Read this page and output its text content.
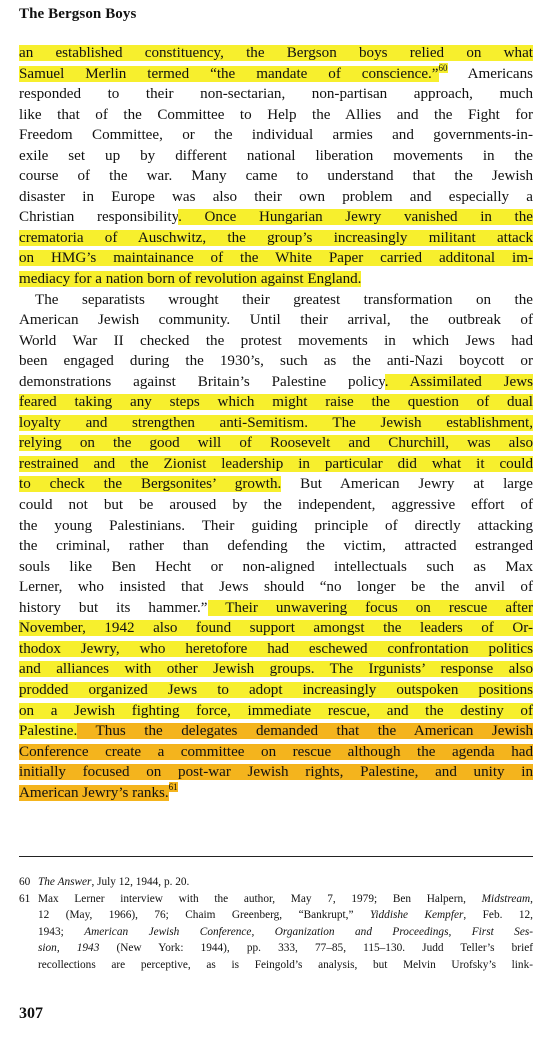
The Bergson Boys
an established constituency, the Bergson boys relied on what
Samuel Merlin termed “the mandate of conscience.”$^{60}$ Americans
responded to their non-sectarian, non-partisan approach, much
like that of the Committee to Help the Allies and the Fight for
Freedom Committee, or the individual armies and governments-in-
exile set up by different national liberation movements in the
course of the war. Many came to understand that the Jewish
disaster in Europe was also their own problem and especially a
Christian responsibility. Once Hungarian Jewry vanished in the
crematoria of Auschwitz, the group’s increasingly militant attack
on HMG’s maintainance of the White Paper carried additonal im-
mediacy for a nation born of revolution against England.
The separatists wrought their greatest transformation on the
American Jewish community. Until their arrival, the outbreak of
World War II checked the protest movements in which Jews had
been engaged during the 1930’s, such as the anti-Nazi boycott or
demonstrations against Britain’s Palestine policy. Assimilated Jews
feared taking any steps which might raise the question of dual
loyalty and strengthen anti-Semitism. The Jewish establishment,
relying on the good will of Roosevelt and Churchill, was also
restrained and the Zionist leadership in particular did what it could
to check the Bergsonites’ growth. But American Jewry at large
could not but be aroused by the independent, aggressive effort of
the young Palestinians. Their guiding principle of directly attacking
the criminal, rather than defending the victim, attracted estranged
souls like Ben Hecht or non-aligned intellectuals such as Max
Lerner, who insisted that Jews should “no longer be the anvil of
history but its hammer.” Their unwavering focus on rescue after
November, 1942 also found support amongst the leaders of Or-
thodox Jewry, who heretofore had eschewed confrontation politics
and alliances with other Jewish groups. The Irgunists’ response also
prodded organized Jews to adopt increasingly outspoken positions
on a Jewish fighting force, immediate rescue, and the destiny of
Palestine. Thus the delegates demanded that the American Jewish
Conference create a committee on rescue although the agenda had
initially focused on post-war Jewish rights, Palestine, and unity in
American Jewry’s ranks.$^{61}$
60 The Answer, July 12, 1944, p. 20.
61 Max Lerner interview with the author, May 7, 1979; Ben Halpern, Midstream,
12 (May, 1966), 76; Chaim Greenberg, “Bankrupt,” Yiddishe Kempfer, Feb. 12,
1943; American Jewish Conference, Organization and Proceedings, First Ses-
sion, 1943 (New York: 1944), pp. 333, 77–85, 115–130. Judd Teller’s brief
recollections are perceptive, as is Feingold’s analysis, but Melvin Urofsky’s link-
307
